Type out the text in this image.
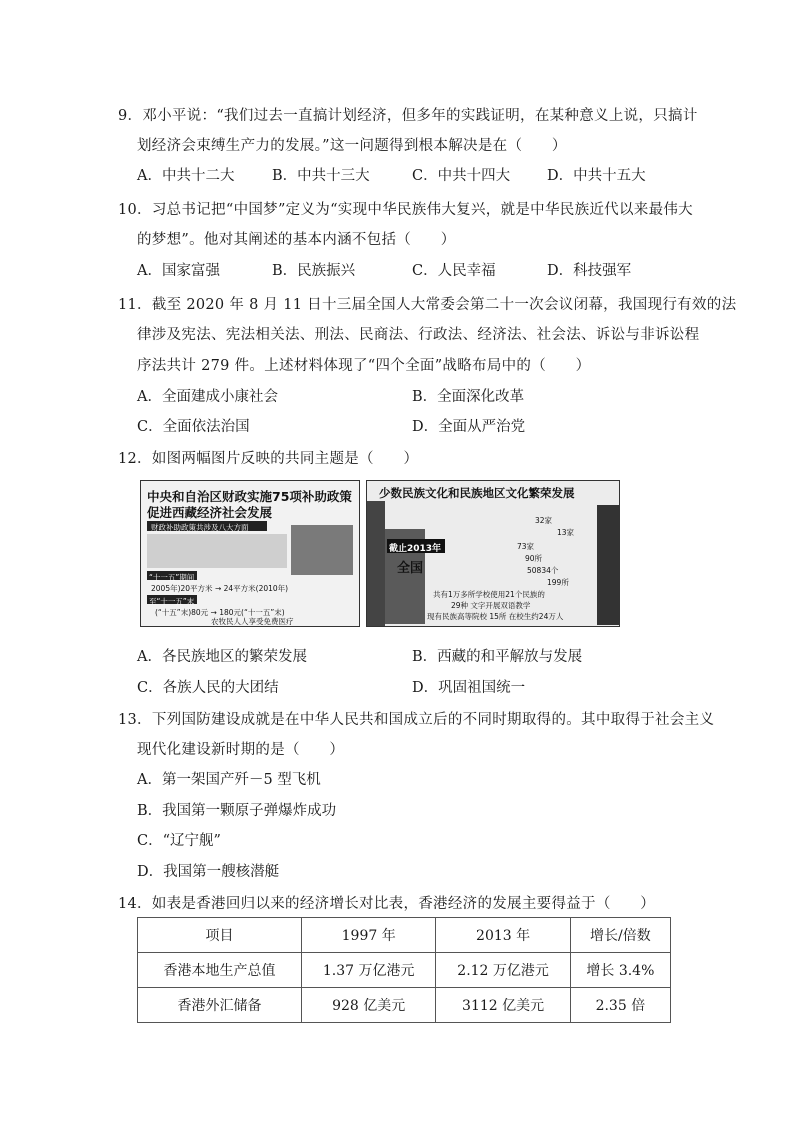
9．邓小平说：“我们过去一直搞计划经济，但多年的实践证明，在某种意义上说，只搞计
划经济会束缚生产力的发展。”这一问题得到根本解决是在（　　）
A．中共十二大	B．中共十三大	C．中共十四大	D．中共十五大
10．习总书记把“中国梦”定义为“实现中华民族伟大复兴，就是中华民族近代以来最伟大
的梦想”。他对其阐述的基本内涵不包括（　　）
A．国家富强	B．民族振兴	C．人民幸福	D．科技强军
11．截至 2020 年 8 月 11 日十三届全国人大常委会第二十一次会议闭幕，我国现行有效的法
律涉及宪法、宪法相关法、刑法、民商法、行政法、经济法、社会法、诉讼与非诉讼程
序法共计 279 件。上述材料体现了“四个全面”战略布局中的（　　）
A．全面建成小康社会	B．全面深化改革
C．全面依法治国	D．全面从严治党
12．如图两幅图片反映的共同主题是（　　）
中央和自治区财政实施75项补助政策
促进西藏经济社会发展
财政补助政策共涉及八大方面
“十一五”期间
2005年)20平方米 → 24平方米(2010年)
至“十一五”末
(“十五”末)80元 → 180元(“十一五”末)
农牧民人人享受免费医疗
少数民族文化和民族地区文化繁荣发展
截止2013年
全国
32家
13家
73家
90所
50834个
199所
共有1万多所学校使用21个民族的
29种 文字开展双语教学
现有民族高等院校 15所 在校生约24万人
A．各民族地区的繁荣发展	B．西藏的和平解放与发展
C．各族人民的大团结	D．巩固祖国统一
13．下列国防建设成就是在中华人民共和国成立后的不同时期取得的。其中取得于社会主义
现代化建设新时期的是（　　）
A．第一架国产歼－5 型飞机
B．我国第一颗原子弹爆炸成功
C．“辽宁舰”
D．我国第一艘核潜艇
14．如表是香港回归以来的经济增长对比表，香港经济的发展主要得益于（　　）
项目	1997 年	2013 年	增长/倍数
香港本地生产总值	1.37 万亿港元	2.12 万亿港元	增长 3.4%
香港外汇储备	928 亿美元	3112 亿美元	2.35 倍
